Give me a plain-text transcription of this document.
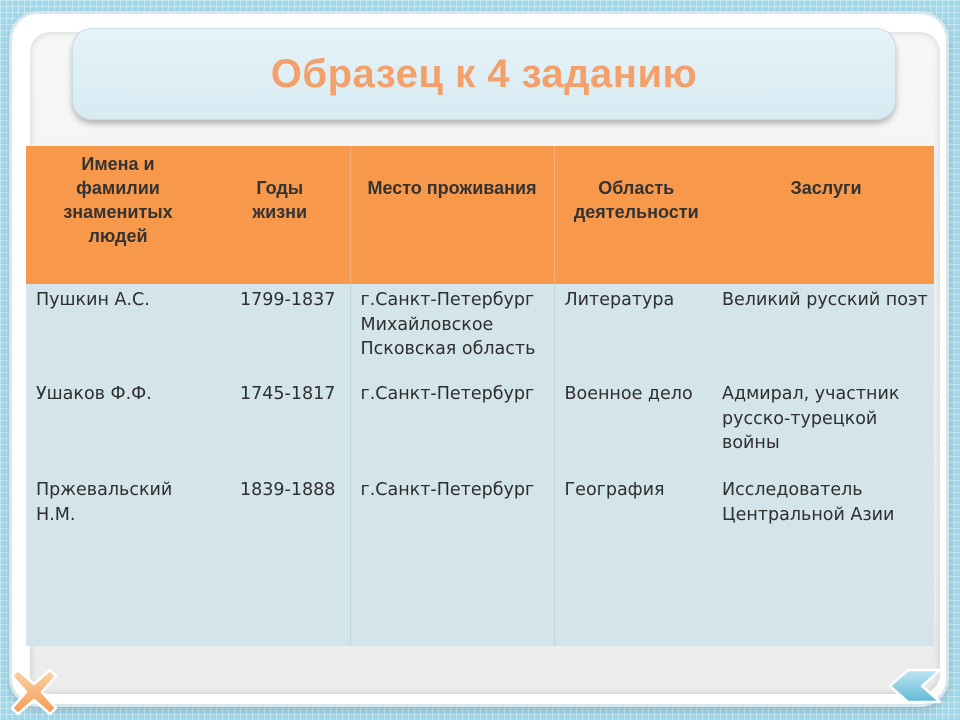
Образец к 4 заданию
Имена и фамилии знаменитых людей	Годы жизни	Место проживания	Область деятельности	Заслуги
Пушкин А.С.	1799-1837	г.Санкт-Петербург Михайловское Псковская область	Литература	Великий русский поэт
Ушаков Ф.Ф.	1745-1817	г.Санкт-Петербург	Военное дело	Адмирал, участник русско-турецкой войны
Пржевальский Н.М.	1839-1888	г.Санкт-Петербург	География	Исследователь Центральной Азии
